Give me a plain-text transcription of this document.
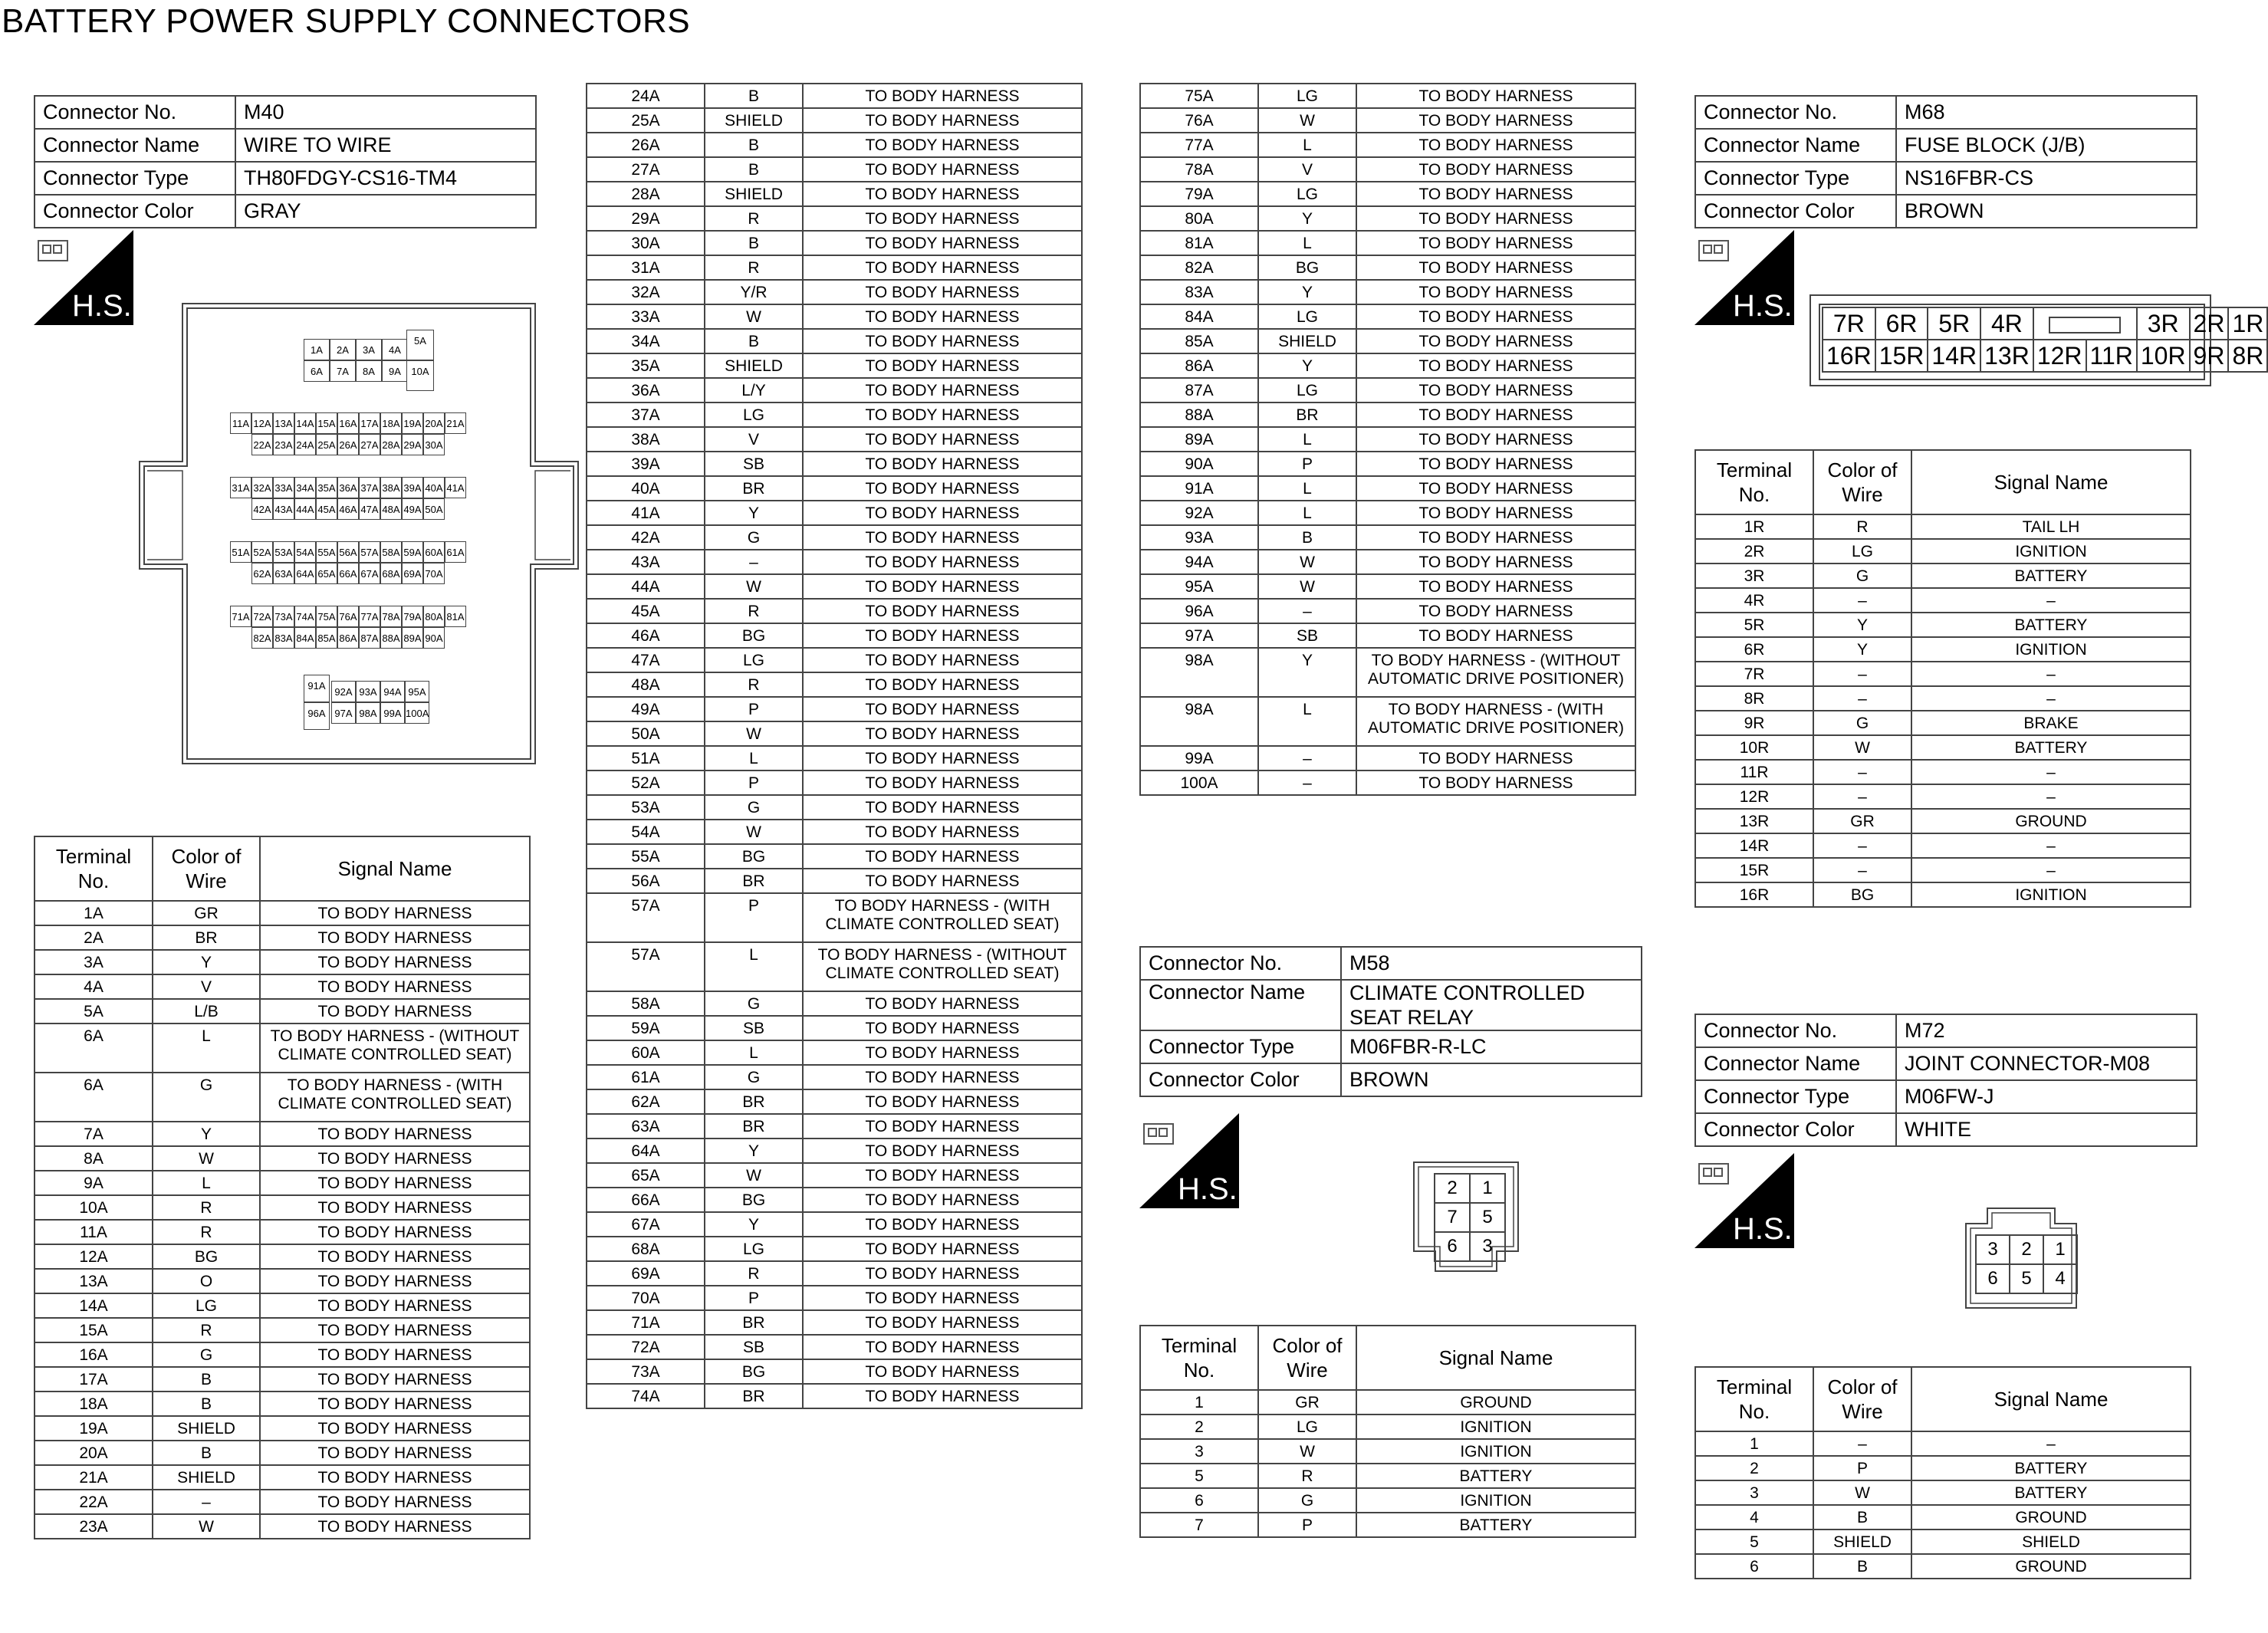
BATTERY POWER SUPPLY CONNECTORS
Connector No.	M40
Connector Name	WIRE TO WIRE
Connector Type	TH80FDGY-CS16-TM4
Connector Color	GRAY
H.S.
1A	2A	3A	4A
5A
6A	7A	8A	9A	10A
11A 12A 13A 14A 15A 16A 17A 18A 19A 20A 21A
22A 23A 24A 25A 26A 27A 28A 29A 30A
31A 32A 33A 34A 35A 36A 37A 38A 39A 40A 41A
42A 43A 44A 45A 46A 47A 48A 49A 50A
51A 52A 53A 54A 55A 56A 57A 58A 59A 60A 61A
62A 63A 64A 65A 66A 67A 68A 69A 70A
71A 72A 73A 74A 75A 76A 77A 78A 79A 80A 81A
82A 83A 84A 85A 86A 87A 88A 89A 90A
91A
96A
92A 93A 94A 95A
97A 98A 99A 100A
Terminal
No.	Color of
Wire	Signal Name
1A	GR	TO BODY HARNESS
2A	BR	TO BODY HARNESS
3A	Y	TO BODY HARNESS
4A	V	TO BODY HARNESS
5A	L/B	TO BODY HARNESS
6A	L	TO BODY HARNESS - (WITHOUT CLIMATE CONTROLLED SEAT)
6A	G	TO BODY HARNESS - (WITH CLIMATE CONTROLLED SEAT)
7A	Y	TO BODY HARNESS
8A	W	TO BODY HARNESS
9A	L	TO BODY HARNESS
10A	R	TO BODY HARNESS
11A	R	TO BODY HARNESS
12A	BG	TO BODY HARNESS
13A	O	TO BODY HARNESS
14A	LG	TO BODY HARNESS
15A	R	TO BODY HARNESS
16A	G	TO BODY HARNESS
17A	B	TO BODY HARNESS
18A	B	TO BODY HARNESS
19A	SHIELD	TO BODY HARNESS
20A	B	TO BODY HARNESS
21A	SHIELD	TO BODY HARNESS
22A	–	TO BODY HARNESS
23A	W	TO BODY HARNESS
24A	B	TO BODY HARNESS
25A	SHIELD	TO BODY HARNESS
26A	B	TO BODY HARNESS
27A	B	TO BODY HARNESS
28A	SHIELD	TO BODY HARNESS
29A	R	TO BODY HARNESS
30A	B	TO BODY HARNESS
31A	R	TO BODY HARNESS
32A	Y/R	TO BODY HARNESS
33A	W	TO BODY HARNESS
34A	B	TO BODY HARNESS
35A	SHIELD	TO BODY HARNESS
36A	L/Y	TO BODY HARNESS
37A	LG	TO BODY HARNESS
38A	V	TO BODY HARNESS
39A	SB	TO BODY HARNESS
40A	BR	TO BODY HARNESS
41A	Y	TO BODY HARNESS
42A	G	TO BODY HARNESS
43A	–	TO BODY HARNESS
44A	W	TO BODY HARNESS
45A	R	TO BODY HARNESS
46A	BG	TO BODY HARNESS
47A	LG	TO BODY HARNESS
48A	R	TO BODY HARNESS
49A	P	TO BODY HARNESS
50A	W	TO BODY HARNESS
51A	L	TO BODY HARNESS
52A	P	TO BODY HARNESS
53A	G	TO BODY HARNESS
54A	W	TO BODY HARNESS
55A	BG	TO BODY HARNESS
56A	BR	TO BODY HARNESS
57A	P	TO BODY HARNESS - (WITH CLIMATE CONTROLLED SEAT)
57A	L	TO BODY HARNESS - (WITHOUT CLIMATE CONTROLLED SEAT)
58A	G	TO BODY HARNESS
59A	SB	TO BODY HARNESS
60A	L	TO BODY HARNESS
61A	G	TO BODY HARNESS
62A	BR	TO BODY HARNESS
63A	BR	TO BODY HARNESS
64A	Y	TO BODY HARNESS
65A	W	TO BODY HARNESS
66A	BG	TO BODY HARNESS
67A	Y	TO BODY HARNESS
68A	LG	TO BODY HARNESS
69A	R	TO BODY HARNESS
70A	P	TO BODY HARNESS
71A	BR	TO BODY HARNESS
72A	SB	TO BODY HARNESS
73A	BG	TO BODY HARNESS
74A	BR	TO BODY HARNESS
75A	LG	TO BODY HARNESS
76A	W	TO BODY HARNESS
77A	L	TO BODY HARNESS
78A	V	TO BODY HARNESS
79A	LG	TO BODY HARNESS
80A	Y	TO BODY HARNESS
81A	L	TO BODY HARNESS
82A	BG	TO BODY HARNESS
83A	Y	TO BODY HARNESS
84A	LG	TO BODY HARNESS
85A	SHIELD	TO BODY HARNESS
86A	Y	TO BODY HARNESS
87A	LG	TO BODY HARNESS
88A	BR	TO BODY HARNESS
89A	L	TO BODY HARNESS
90A	P	TO BODY HARNESS
91A	L	TO BODY HARNESS
92A	L	TO BODY HARNESS
93A	B	TO BODY HARNESS
94A	W	TO BODY HARNESS
95A	W	TO BODY HARNESS
96A	–	TO BODY HARNESS
97A	SB	TO BODY HARNESS
98A	Y	TO BODY HARNESS - (WITHOUT AUTOMATIC DRIVE POSITIONER)
98A	L	TO BODY HARNESS - (WITH AUTOMATIC DRIVE POSITIONER)
99A	–	TO BODY HARNESS
100A	–	TO BODY HARNESS
Connector No.	M58
Connector Name	CLIMATE CONTROLLED
SEAT RELAY
Connector Type	M06FBR-R-LC
Connector Color	BROWN
H.S.	2	1
7	5
6	3
Terminal
No.	Color of
Wire	Signal Name
1	GR	GROUND
2	LG	IGNITION
3	W	IGNITION
5	R	BATTERY
6	G	IGNITION
7	P	BATTERY
Connector No.	M68
Connector Name	FUSE BLOCK (J/B)
Connector Type	NS16FBR-CS
Connector Color	BROWN
H.S.
7R	6R	5R	4R			3R	2R	1R
16R	15R	14R	13R	12R	11R	10R	9R	8R
Terminal
No.	Color of
Wire	Signal Name
1R	R	TAIL LH
2R	LG	IGNITION
3R	G	BATTERY
4R	–	–
5R	Y	BATTERY
6R	Y	IGNITION
7R	–	–
8R	–	–
9R	G	BRAKE
10R	W	BATTERY
11R	–	–
12R	–	–
13R	GR	GROUND
14R	–	–
15R	–	–
16R	BG	IGNITION
Connector No.	M72
Connector Name	JOINT CONNECTOR-M08
Connector Type	M06FW-J
Connector Color	WHITE
H.S.
3	2	1
6	5	4
Terminal
No.	Color of
Wire	Signal Name
1	–	–
2	P	BATTERY
3	W	BATTERY
4	B	GROUND
5	SHIELD	SHIELD
6	B	GROUND
